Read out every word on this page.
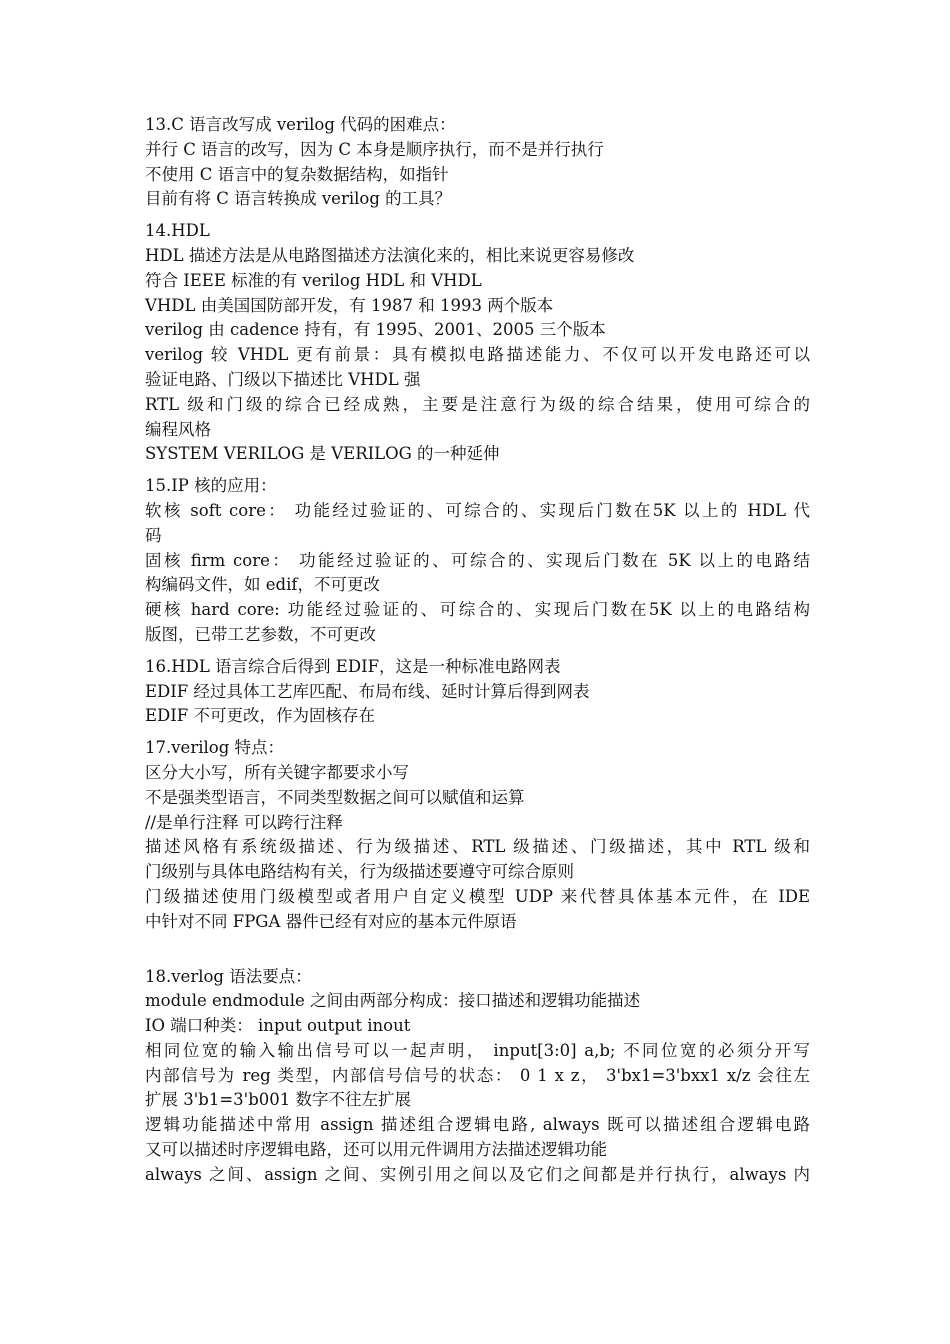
13.C 语言改写成 verilog 代码的困难点：
并行 C 语言的改写，因为 C 本身是顺序执行，而不是并行执行
不使用 C 语言中的复杂数据结构，如指针
目前有将 C 语言转换成 verilog 的工具？
14.HDL
HDL 描述方法是从电路图描述方法演化来的，相比来说更容易修改
符合 IEEE 标准的有 verilog HDL 和 VHDL
VHDL 由美国国防部开发，有 1987 和 1993 两个版本
verilog 由 cadence 持有，有 1995、2001、2005 三个版本
verilog 较 VHDL 更有前景：具有模拟电路描述能力、不仅可以开发电路还可以
验证电路、门级以下描述比 VHDL 强
RTL 级和门级的综合已经成熟，主要是注意行为级的综合结果，使用可综合的
编程风格
SYSTEM VERILOG 是 VERILOG 的一种延伸
15.IP 核的应用：
软核 soft core： 功能经过验证的、可综合的、实现后门数在5K 以上的 HDL 代
码
固核 firm core： 功能经过验证的、可综合的、实现后门数在 5K 以上的电路结
构编码文件，如 edif，不可更改
硬核 hard core: 功能经过验证的、可综合的、实现后门数在5K 以上的电路结构
版图，已带工艺参数，不可更改
16.HDL 语言综合后得到 EDIF，这是一种标准电路网表
EDIF 经过具体工艺库匹配、布局布线、延时计算后得到网表
EDIF 不可更改，作为固核存在
17.verilog 特点：
区分大小写，所有关键字都要求小写
不是强类型语言，不同类型数据之间可以赋值和运算
//是单行注释 可以跨行注释
描述风格有系统级描述、行为级描述、RTL 级描述、门级描述，其中 RTL 级和
门级别与具体电路结构有关，行为级描述要遵守可综合原则
门级描述使用门级模型或者用户自定义模型 UDP 来代替具体基本元件，在 IDE
中针对不同 FPGA 器件已经有对应的基本元件原语
18.verlog 语法要点：
module endmodule 之间由两部分构成：接口描述和逻辑功能描述
IO 端口种类： input output inout
相同位宽的输入输出信号可以一起声明， input[3:0] a,b; 不同位宽的必须分开写
内部信号为 reg 类型，内部信号信号的状态： 0 1 x z， 3'bx1=3'bxx1 x/z 会往左
扩展 3'b1=3'b001 数字不往左扩展
逻辑功能描述中常用 assign 描述组合逻辑电路, always 既可以描述组合逻辑电路
又可以描述时序逻辑电路，还可以用元件调用方法描述逻辑功能
always 之间、assign 之间、实例引用之间以及它们之间都是并行执行，always 内
